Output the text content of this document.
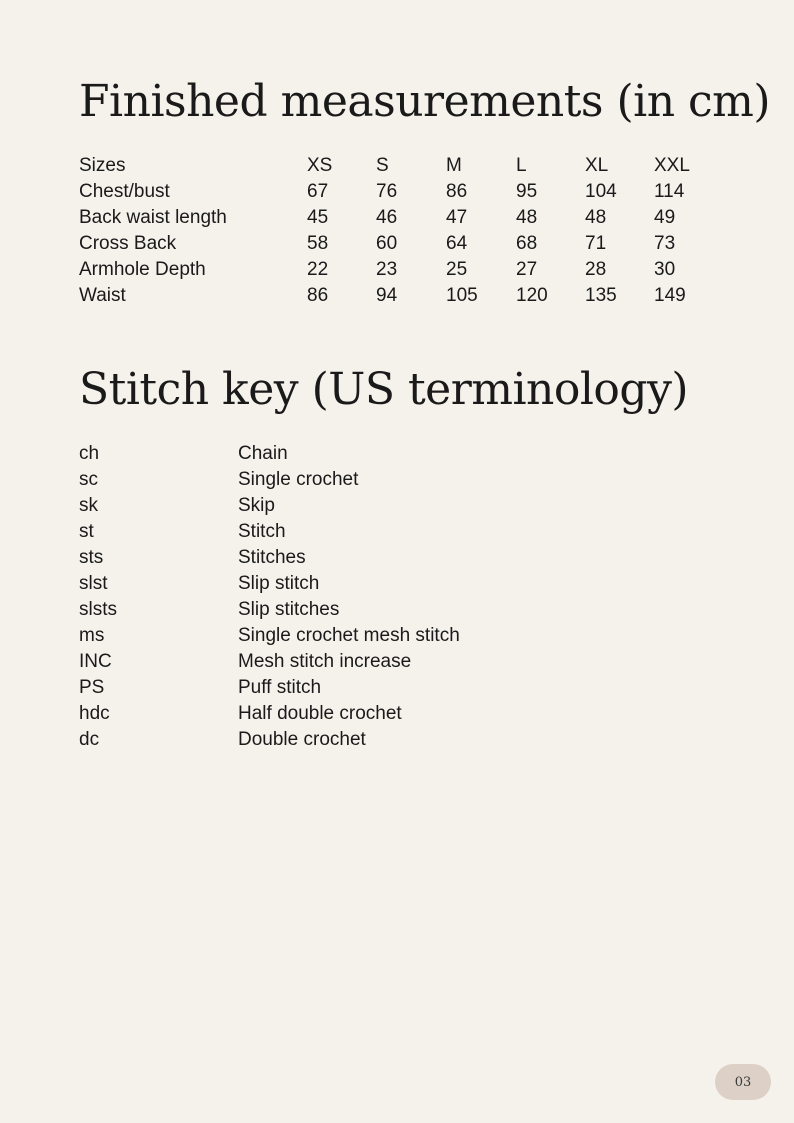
Finished measurements (in cm)
Sizes	XS	S	M	L	XL	XXL
Chest/bust	67	76	86	95	104	114
Back waist length	45	46	47	48	48	49
Cross Back	58	60	64	68	71	73
Armhole Depth	22	23	25	27	28	30
Waist	86	94	105	120	135	149
Stitch key (US terminology)
ch	Chain
sc	Single crochet
sk	Skip
st	Stitch
sts	Stitches
slst	Slip stitch
slsts	Slip stitches
ms	Single crochet mesh stitch
INC	Mesh stitch increase
PS	Puff stitch
hdc	Half double crochet
dc	Double crochet
03
